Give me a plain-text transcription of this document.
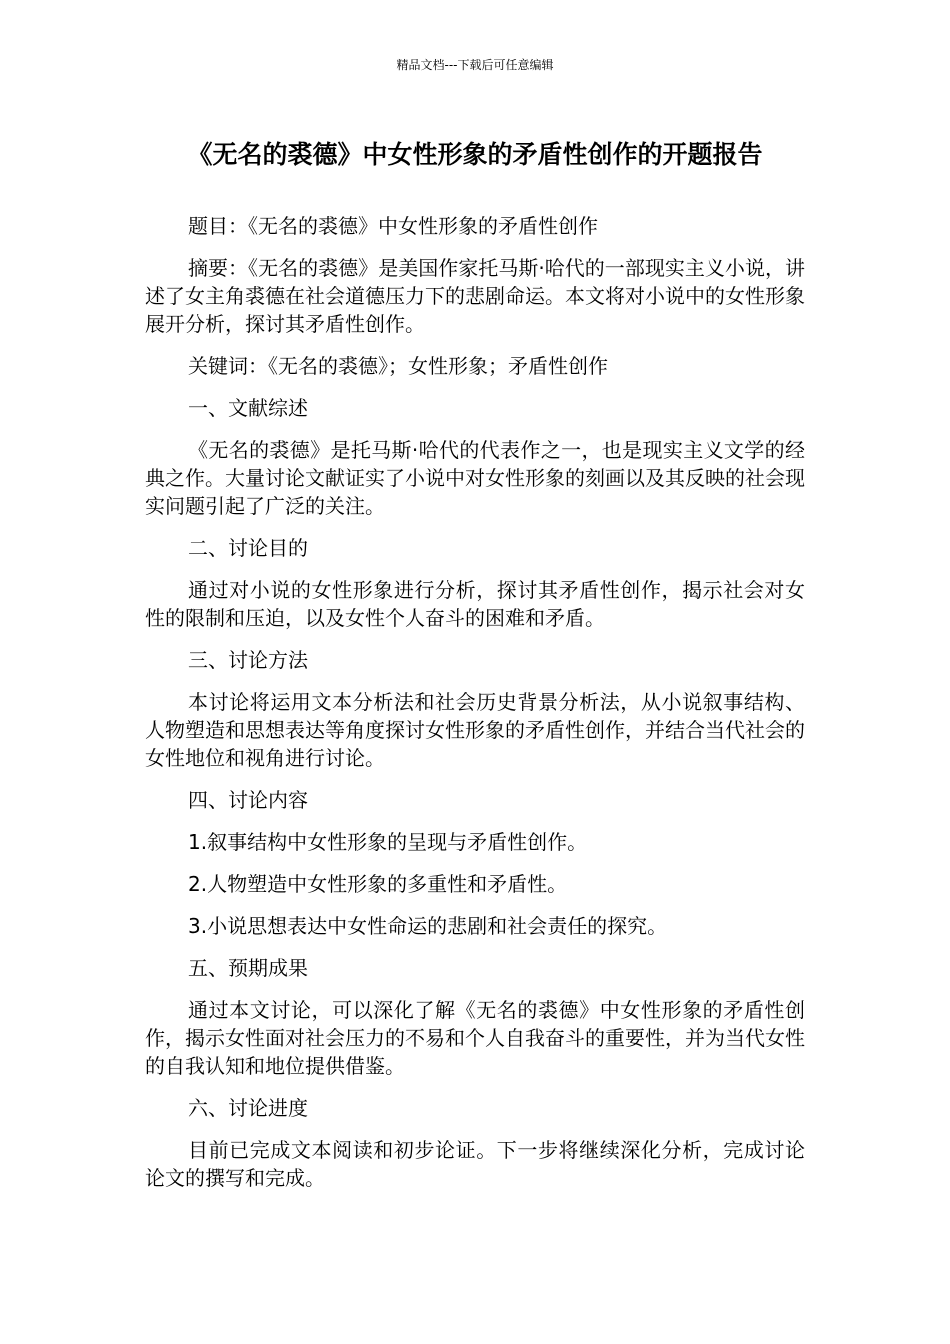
精品文档---下载后可任意编辑
《无名的裘德》中女性形象的矛盾性创作的开题报告

题目：《无名的裘德》中女性形象的矛盾性创作

摘要：《无名的裘德》是美国作家托马斯·哈代的一部现实主义小说，讲述了女主角裘德在社会道德压力下的悲剧命运。本文将对小说中的女性形象展开分析，探讨其矛盾性创作。

关键词：《无名的裘德》；女性形象；矛盾性创作

一、文献综述

《无名的裘德》是托马斯·哈代的代表作之一，也是现实主义文学的经典之作。大量讨论文献证实了小说中对女性形象的刻画以及其反映的社会现实问题引起了广泛的关注。

二、讨论目的

通过对小说的女性形象进行分析，探讨其矛盾性创作，揭示社会对女性的限制和压迫，以及女性个人奋斗的困难和矛盾。

三、讨论方法

本讨论将运用文本分析法和社会历史背景分析法，从小说叙事结构、人物塑造和思想表达等角度探讨女性形象的矛盾性创作，并结合当代社会的女性地位和视角进行讨论。

四、讨论内容

1.叙事结构中女性形象的呈现与矛盾性创作。

2.人物塑造中女性形象的多重性和矛盾性。

3.小说思想表达中女性命运的悲剧和社会责任的探究。

五、预期成果

通过本文讨论，可以深化了解《无名的裘德》中女性形象的矛盾性创作，揭示女性面对社会压力的不易和个人自我奋斗的重要性，并为当代女性的自我认知和地位提供借鉴。

六、讨论进度

目前已完成文本阅读和初步论证。下一步将继续深化分析，完成讨论论文的撰写和完成。
